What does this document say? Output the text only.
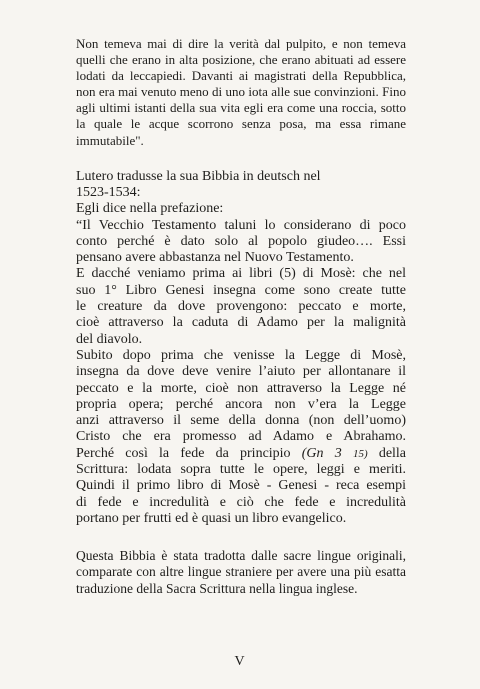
Non temeva mai di dire la verità dal pulpito, e non temeva quelli che erano in alta posizione, che erano abituati ad essere lodati da leccapiedi. Davanti ai magistrati della Repubblica, non era mai venuto meno di uno iota alle sue convinzioni. Fino agli ultimi istanti della sua vita egli era come una roccia, sotto la quale le acque scorrono senza posa, ma essa rimane immutabile".

Lutero tradusse la sua Bibbia in deutsch nel
1523-1534:
Egli dice nella prefazione:
“Il Vecchio Testamento taluni lo considerano di poco
conto perché è dato solo al popolo giudeo…. Essi
pensano avere abbastanza nel Nuovo Testamento.
E dacché veniamo prima ai libri (5) di Mosè: che nel
suo 1° Libro Genesi insegna come sono create tutte
le creature da dove provengono: peccato e morte,
cioè attraverso la caduta di Adamo per la malignità
del diavolo.
Subito dopo prima che venisse la Legge di Mosè,
insegna da dove deve venire l’aiuto per allontanare il
peccato e la morte, cioè non attraverso la Legge né
propria opera; perché ancora non v’era la Legge
anzi attraverso il seme della donna (non dell’uomo)
Cristo che era promesso ad Adamo e Abrahamo.
Perché così la fede da principio (Gn 3 15) della
Scrittura: lodata sopra tutte le opere, leggi e meriti.
Quindi il primo libro di Mosè - Genesi - reca esempi
di fede e incredulità e ciò che fede e incredulità
portano per frutti ed è quasi un libro evangelico.

Questa Bibbia è stata tradotta dalle sacre lingue originali, comparate con altre lingue straniere per avere una più esatta traduzione della Sacra Scrittura nella lingua inglese.

V
